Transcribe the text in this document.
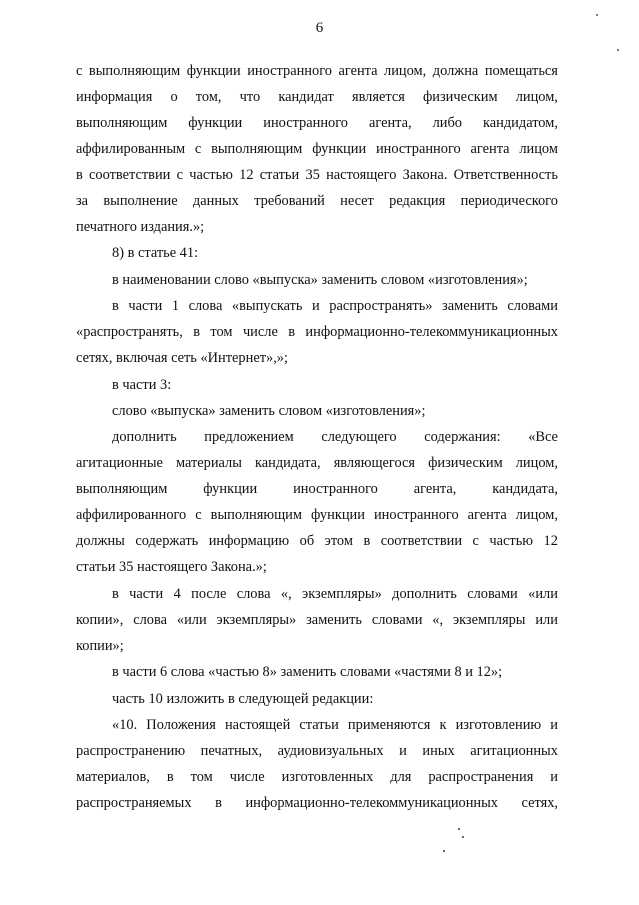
6
с выполняющим функции иностранного агента лицом, должна помещаться
информация о том, что кандидат является физическим лицом,
выполняющим функции иностранного агента, либо кандидатом,
аффилированным с выполняющим функции иностранного агента лицом
в соответствии с частью 12 статьи 35 настоящего Закона. Ответственность
за выполнение данных требований несет редакция периодического
печатного издания.»;
8) в статье 41:
в наименовании слово «выпуска» заменить словом «изготовления»;
в части 1 слова «выпускать и распространять» заменить словами
«распространять, в том числе в информационно-телекоммуникационных
сетях, включая сеть «Интернет»,»;
в части 3:
слово «выпуска» заменить словом «изготовления»;
дополнить предложением следующего содержания: «Все
агитационные материалы кандидата, являющегося физическим лицом,
выполняющим функции иностранного агента, кандидата,
аффилированного с выполняющим функции иностранного агента лицом,
должны содержать информацию об этом в соответствии с частью 12
статьи 35 настоящего Закона.»;
в части 4 после слова «, экземпляры» дополнить словами «или
копии», слова «или экземпляры» заменить словами «, экземпляры или
копии»;
в части 6 слова «частью 8» заменить словами «частями 8 и 12»;
часть 10 изложить в следующей редакции:
«10. Положения настоящей статьи применяются к изготовлению и
распространению печатных, аудиовизуальных и иных агитационных
материалов, в том числе изготовленных для распространения и
распространяемых в информационно-телекоммуникационных сетях,
